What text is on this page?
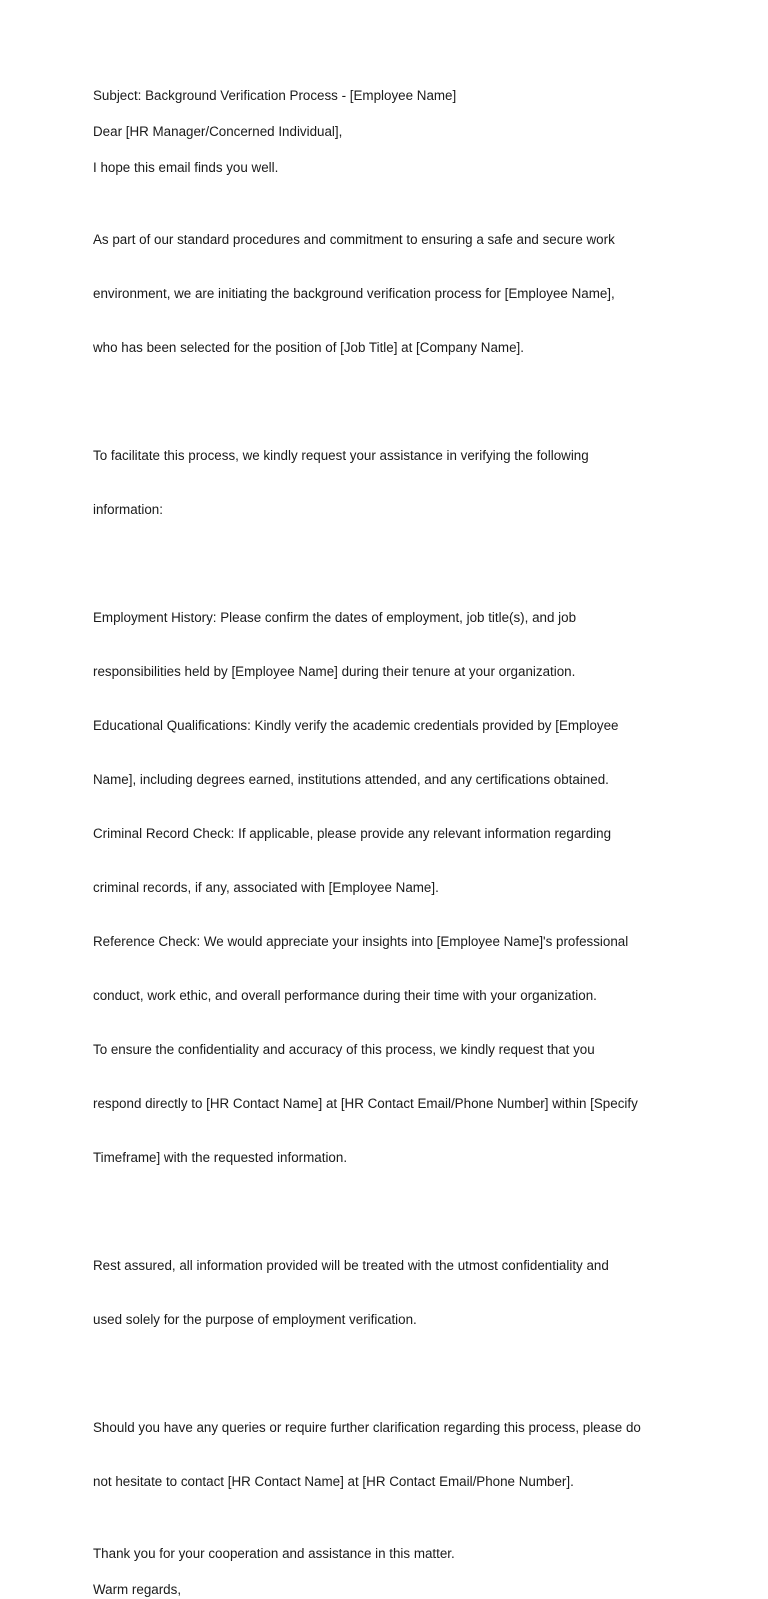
Subject: Background Verification Process - [Employee Name]

Dear [HR Manager/Concerned Individual],

I hope this email finds you well.

As part of our standard procedures and commitment to ensuring a safe and secure work

environment, we are initiating the background verification process for [Employee Name],

who has been selected for the position of [Job Title] at [Company Name].

To facilitate this process, we kindly request your assistance in verifying the following

information:

Employment History: Please confirm the dates of employment, job title(s), and job

responsibilities held by [Employee Name] during their tenure at your organization.

Educational Qualifications: Kindly verify the academic credentials provided by [Employee

Name], including degrees earned, institutions attended, and any certifications obtained.

Criminal Record Check: If applicable, please provide any relevant information regarding

criminal records, if any, associated with [Employee Name].

Reference Check: We would appreciate your insights into [Employee Name]'s professional

conduct, work ethic, and overall performance during their time with your organization.

To ensure the confidentiality and accuracy of this process, we kindly request that you

respond directly to [HR Contact Name] at [HR Contact Email/Phone Number] within [Specify

Timeframe] with the requested information.

Rest assured, all information provided will be treated with the utmost confidentiality and

used solely for the purpose of employment verification.

Should you have any queries or require further clarification regarding this process, please do

not hesitate to contact [HR Contact Name] at [HR Contact Email/Phone Number].

Thank you for your cooperation and assistance in this matter.

Warm regards,
